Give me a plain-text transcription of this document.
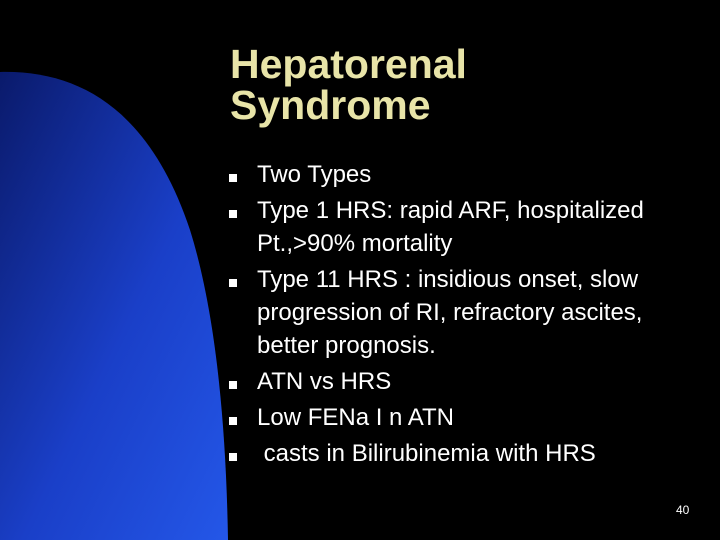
Hepatorenal
Syndrome
Two Types
Type 1 HRS: rapid ARF, hospitalized Pt.,>90% mortality
Type 11 HRS : insidious onset, slow progression of RI, refractory ascites, better prognosis.
ATN vs HRS
Low FENa I n ATN
casts in Bilirubinemia with HRS
40
